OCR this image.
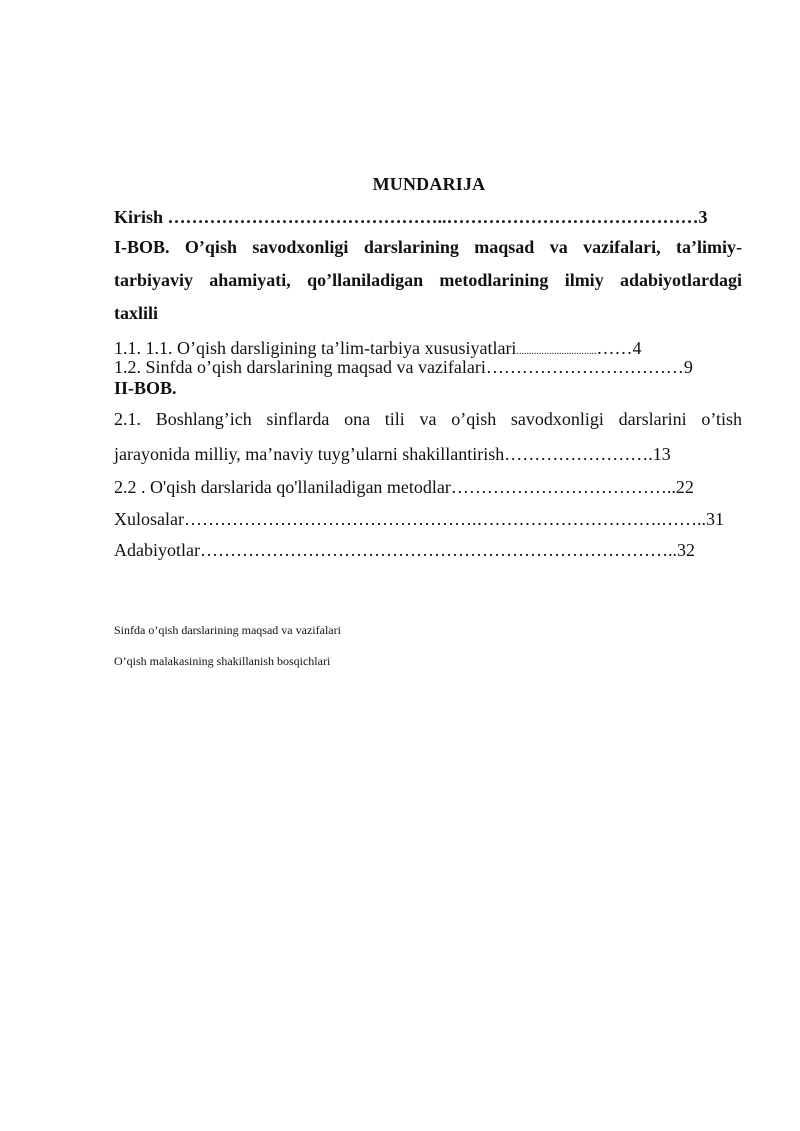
MUNDARIJA
Kirish ………………………………………..……………………………………3
I-BOB. O’qish savodxonligi darslarining maqsad va vazifalari, ta’limiy-
tarbiyaviy ahamiyati, qo’llaniladigan metodlarining ilmiy adabiyotlardagi
taxlili
1.1. 1.1. O’qish darsligining ta’lim-tarbiya xususiyatlari................................……4
1.2. Sinfda o’qish darslarining maqsad va vazifalari……………………………9
II-BOB.
2.1. Boshlang’ich sinflarda ona tili va o’qish savodxonligi darslarini o’tish
jarayonida milliy, ma’naviy tuyg’ularni shakillantirish…………………….13
2.2 . O'qish darslarida qo'llaniladigan metodlar………………………………..22
Xulosalar………………………………………….………………………….……..31
Adabiyotlar……………………………………………………………………..32
Sinfda o’qish darslarining maqsad va vazifalari
O’qish malakasining shakillanish bosqichlari
